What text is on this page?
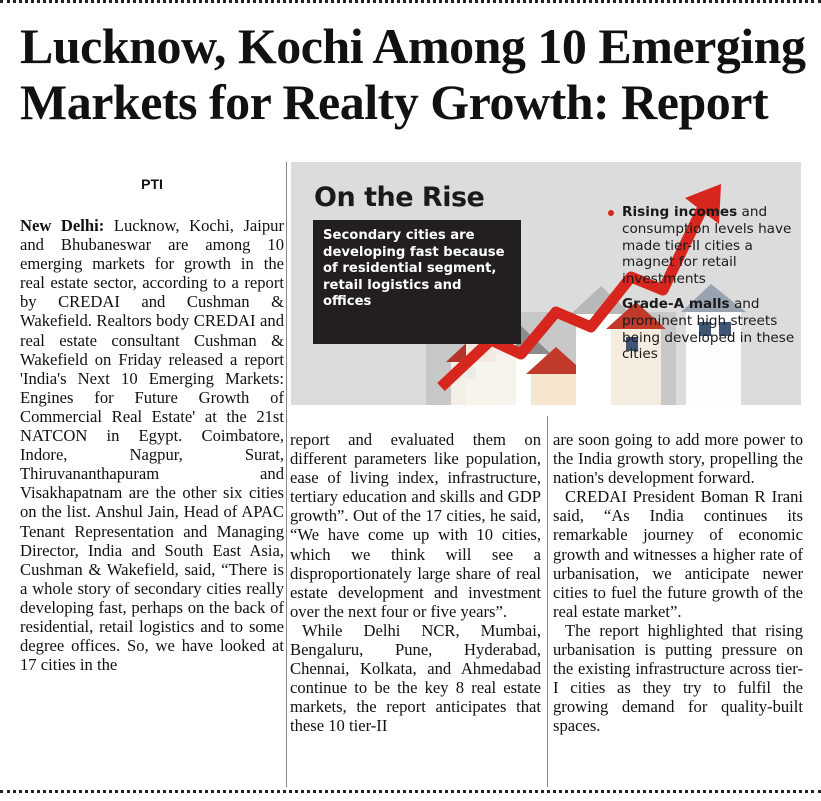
Lucknow, Kochi Among 10 Emerging Markets for Realty Growth: Report
PTI

New Delhi: Lucknow, Kochi, Jaipur and Bhubaneswar are among 10 emerging markets for growth in the real estate sector, according to a report by CREDAI and Cushman & Wakefield. Realtors body CREDAI and real estate consultant Cushman & Wakefield on Friday released a report 'India's Next 10 Emerging Markets: Engines for Future Growth of Commercial Real Estate' at the 21st NATCON in Egypt. Coimbatore, Indore, Nagpur, Surat, Thiruvananthapuram and Visakhapatnam are the other six cities on the list. Anshul Jain, Head of APAC Tenant Representation and Managing Director, India and South East Asia, Cushman & Wakefield, said, “There is a whole story of secondary cities really developing fast, perhaps on the back of residential, retail logistics and to some degree offices. So, we have looked at 17 cities in the

On the Rise
Secondary cities are developing fast because of residential segment, retail logistics and offices
Rising incomes and consumption levels have made tier-II cities a magnet for retail investments
Grade-A malls and prominent high streets being developed in these cities

report and evaluated them on different parameters like population, ease of living index, infrastructure, tertiary education and skills and GDP growth”. Out of the 17 cities, he said, “We have come up with 10 cities, which we think will see a disproportionately large share of real estate development and investment over the next four or five years”.

While Delhi NCR, Mumbai, Bengaluru, Pune, Hyderabad, Chennai, Kolkata, and Ahmedabad continue to be the key 8 real estate markets, the report anticipates that these 10 tier-II

are soon going to add more power to the India growth story, propelling the nation's development forward.

CREDAI President Boman R Irani said, “As India continues its remarkable journey of economic growth and witnesses a higher rate of urbanisation, we anticipate newer cities to fuel the future growth of the real estate market”.

The report highlighted that rising urbanisation is putting pressure on the existing infrastructure across tier-I cities as they try to fulfil the growing demand for quality-built spaces.
